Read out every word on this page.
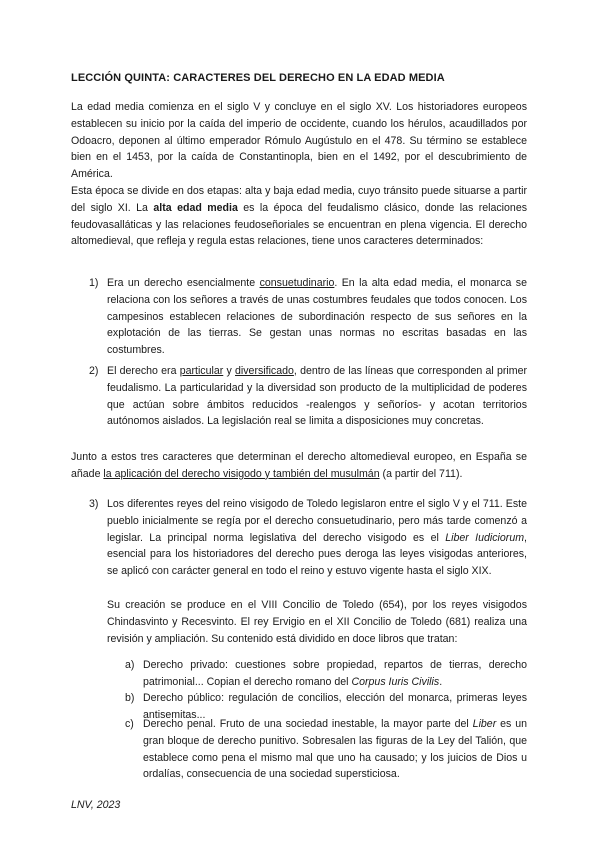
LECCIÓN QUINTA: CARACTERES DEL DERECHO EN LA EDAD MEDIA

La edad media comienza en el siglo V y concluye en el siglo XV. Los historiadores europeos establecen su inicio por la caída del imperio de occidente, cuando los hérulos, acaudillados por Odoacro, deponen al último emperador Rómulo Augústulo en el 478. Su término se establece bien en el 1453, por la caída de Constantinopla, bien en el 1492, por el descubrimiento de América.

Esta época se divide en dos etapas: alta y baja edad media, cuyo tránsito puede situarse a partir del siglo XI. La alta edad media es la época del feudalismo clásico, donde las relaciones feudovasalláticas y las relaciones feudoseñoriales se encuentran en plena vigencia. El derecho altomedieval, que refleja y regula estas relaciones, tiene unos caracteres determinados:

1) Era un derecho esencialmente consuetudinario. En la alta edad media, el monarca se relaciona con los señores a través de unas costumbres feudales que todos conocen. Los campesinos establecen relaciones de subordinación respecto de sus señores en la explotación de las tierras. Se gestan unas normas no escritas basadas en las costumbres.

2) El derecho era particular y diversificado, dentro de las líneas que corresponden al primer feudalismo. La particularidad y la diversidad son producto de la multiplicidad de poderes que actúan sobre ámbitos reducidos -realengos y señoríos- y acotan territorios autónomos aislados. La legislación real se limita a disposiciones muy concretas.

Junto a estos tres caracteres que determinan el derecho altomedieval europeo, en España se añade la aplicación del derecho visigodo y también del musulmán (a partir del 711).

3) Los diferentes reyes del reino visigodo de Toledo legislaron entre el siglo V y el 711. Este pueblo inicialmente se regía por el derecho consuetudinario, pero más tarde comenzó a legislar. La principal norma legislativa del derecho visigodo es el Liber Iudiciorum, esencial para los historiadores del derecho pues deroga las leyes visigodas anteriores, se aplicó con carácter general en todo el reino y estuvo vigente hasta el siglo XIX.

Su creación se produce en el VIII Concilio de Toledo (654), por los reyes visigodos Chindasvinto y Recesvinto. El rey Ervigio en el XII Concilio de Toledo (681) realiza una revisión y ampliación. Su contenido está dividido en doce libros que tratan:

a) Derecho privado: cuestiones sobre propiedad, repartos de tierras, derecho patrimonial... Copian el derecho romano del Corpus Iuris Civilis.

b) Derecho público: regulación de concilios, elección del monarca, primeras leyes antisemitas...

c) Derecho penal. Fruto de una sociedad inestable, la mayor parte del Liber es un gran bloque de derecho punitivo. Sobresalen las figuras de la Ley del Talión, que establece como pena el mismo mal que uno ha causado; y los juicios de Dios u ordalías, consecuencia de una sociedad supersticiosa.

LNV, 2023
